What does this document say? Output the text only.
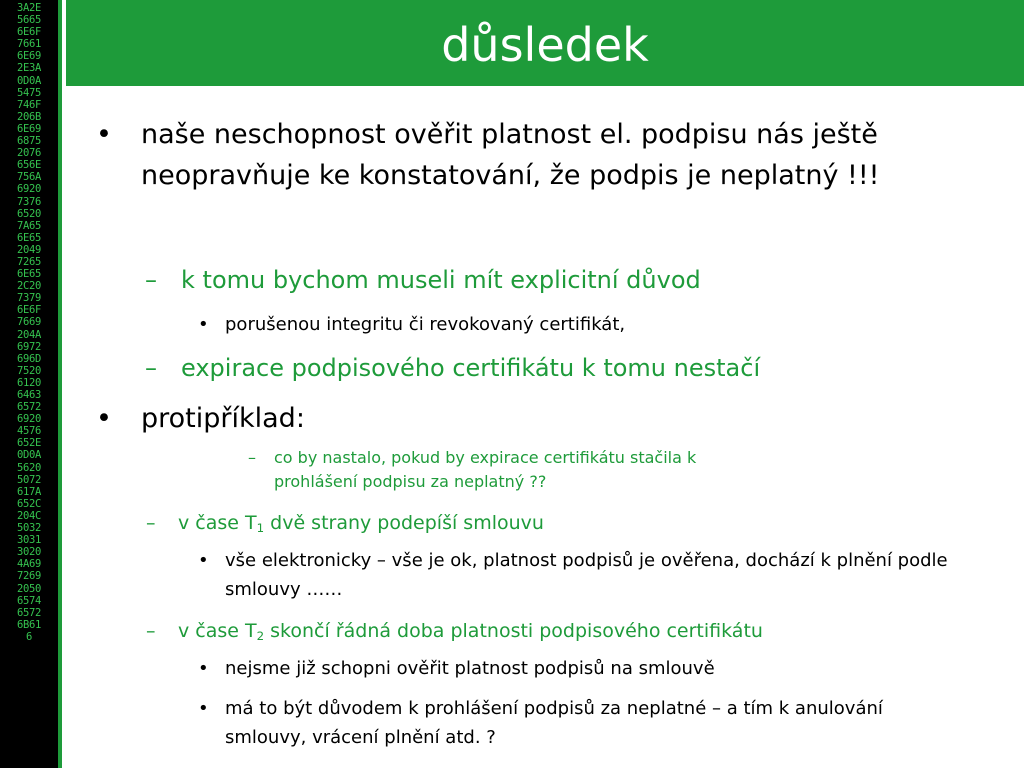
3A2E
5665
6E6F
7661
6E69
2E3A
0D0A
5475
746F
206B
6E69
6875
2076
656E
756A
6920
7376
6520
7A65
6E65
2049
7265
6E65
2C20
7379
6E6F
7669
204A
6972
696D
7520
6120
6463
6572
6920
4576
652E
0D0A
5620
5072
617A
652C
204C
5032
3031
3020
4A69
7269
2050
6574
6572
6B61
6
důsledek
•	naše neschopnost ověřit platnost el. podpisu nás ještě neopravňuje ke konstatování, že podpis je neplatný !!!
–	k tomu bychom museli mít explicitní důvod
• porušenou integritu či revokovaný certifikát,
–	expirace podpisového certifikátu k tomu nestačí
•	protipříklad:
–	co by nastalo, pokud by expirace certifikátu stačila k prohlášení podpisu za neplatný ??
–	v čase $T_1$ dvě strany podepíší smlouvu
• vše elektronicky – vše je ok, platnost podpisů je ověřena, dochází k plnění podle smlouvy ……
–	v čase $T_2$ skončí řádná doba platnosti podpisového certifikátu
• nejsme již schopni ověřit platnost podpisů na smlouvě
• má to být důvodem k prohlášení podpisů za neplatné – a tím k anulování smlouvy, vrácení plnění atd. ?
